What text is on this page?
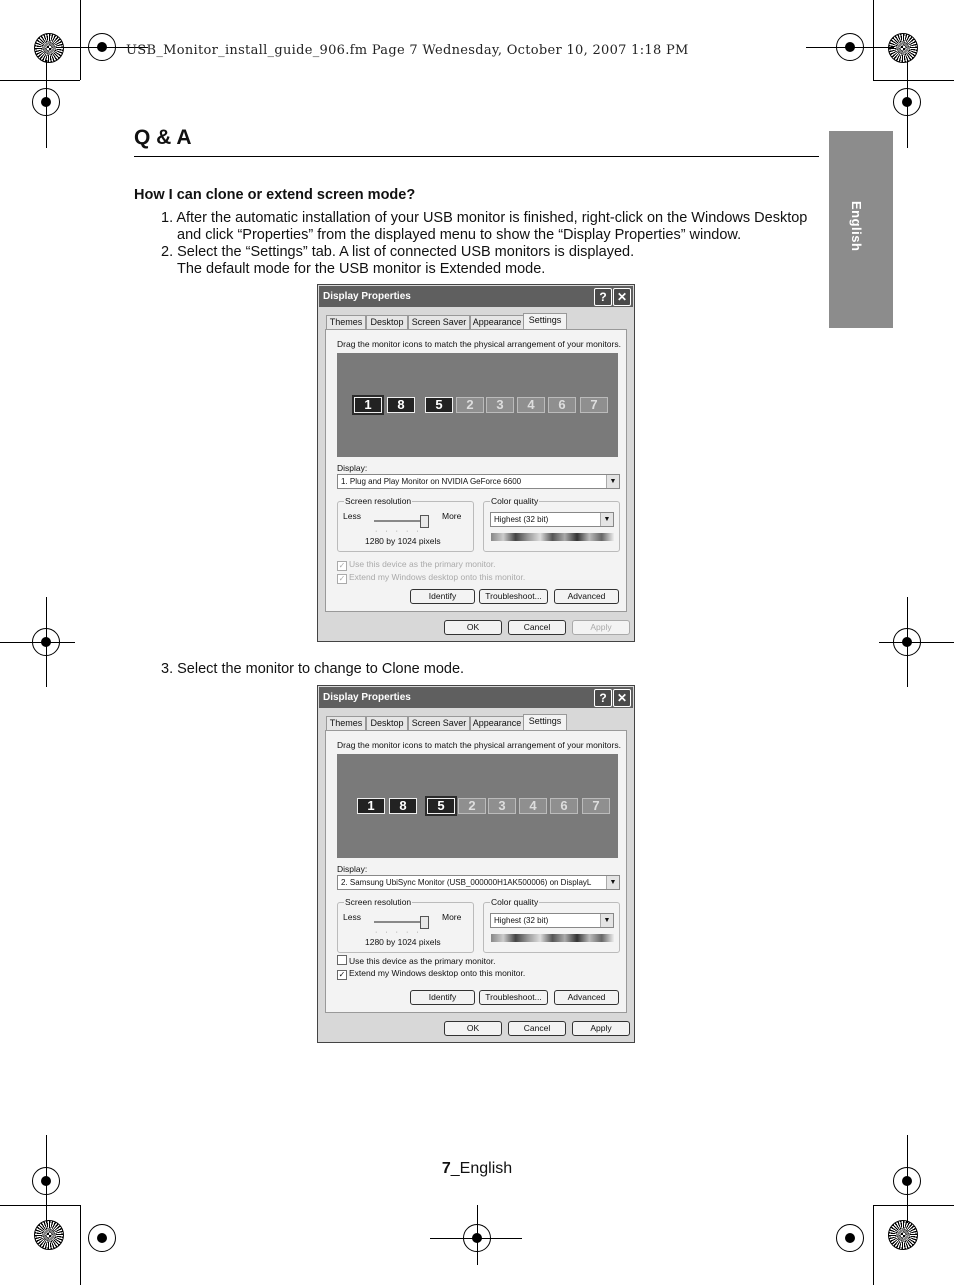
USB_Monitor_install_guide_906.fm Page 7 Wednesday, October 10, 2007 1:18 PM
English
Q & A
How I can clone or extend screen mode?
1. After the automatic installation of your USB monitor is finished, right-click on the Windows Desktop
and click “Properties” from the displayed menu to show the “Display Properties” window.
2. Select the “Settings” tab. A list of connected USB monitors is displayed.
The default mode for the USB monitor is Extended mode.
Display Properties	? ✕
Themes Desktop Screen Saver Appearance Settings
Drag the monitor icons to match the physical arrangement of your monitors.
1	8	5	2	3	4	6	7
Display:
1. Plug and Play Monitor on NVIDIA GeForce 6600	▼
Screen resolution
Less	More
·····
1280 by 1024 pixels
Color quality
Highest (32 bit)	▼
✓ Use this device as the primary monitor.
✓ Extend my Windows desktop onto this monitor.
Identify	Troubleshoot...	Advanced
OK	Cancel	Apply
3. Select the monitor to change to Clone mode.
Display Properties	? ✕
Themes Desktop Screen Saver Appearance Settings
Drag the monitor icons to match the physical arrangement of your monitors.
1	8	5	2	3	4	6	7
Display:
2. Samsung UbiSync Monitor (USB_000000H1AK500006) on DisplayL	▼
Screen resolution
Less	More
·····
1280 by 1024 pixels
Color quality
Highest (32 bit)	▼
Use this device as the primary monitor.
✓ Extend my Windows desktop onto this monitor.
Identify	Troubleshoot...	Advanced
OK	Cancel	Apply
7_English
